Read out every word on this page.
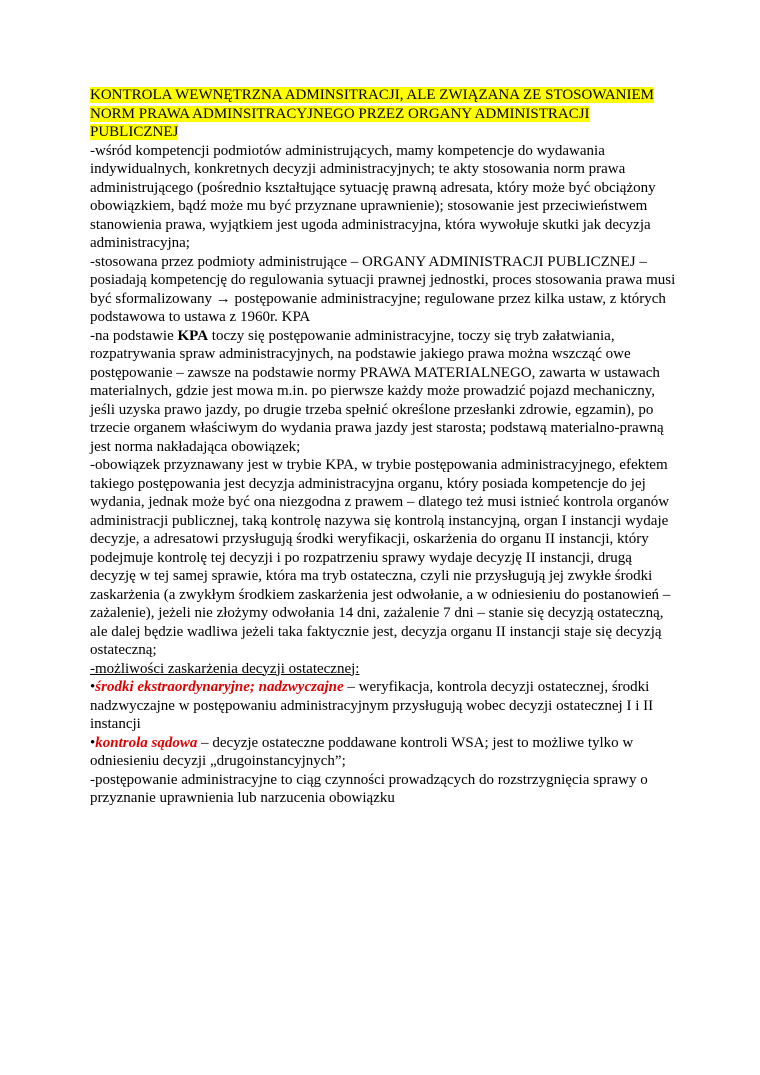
KONTROLA WEWNĘTRZNA ADMINSITRACJI, ALE ZWIĄZANA ZE STOSOWANIEM NORM PRAWA ADMINSITRACYJNEGO PRZEZ ORGANY ADMINISTRACJI PUBLICZNEJ

-wśród kompetencji podmiotów administrujących, mamy kompetencje do wydawania indywidualnych, konkretnych decyzji administracyjnych; te akty stosowania norm prawa administrującego (pośrednio kształtujące sytuację prawną adresata, który może być obciążony obowiązkiem, bądź może mu być przyznane uprawnienie); stosowanie jest przeciwieństwem stanowienia prawa, wyjątkiem jest ugoda administracyjna, która wywołuje skutki jak decyzja administracyjna;

-stosowana przez podmioty administrujące – ORGANY ADMINISTRACJI PUBLICZNEJ – posiadają kompetencję do regulowania sytuacji prawnej jednostki, proces stosowania prawa musi być sformalizowany → postępowanie administracyjne; regulowane przez kilka ustaw, z których podstawowa to ustawa z 1960r. KPA

-na podstawie KPA toczy się postępowanie administracyjne, toczy się tryb załatwiania, rozpatrywania spraw administracyjnych, na podstawie jakiego prawa można wszcząć owe postępowanie – zawsze na podstawie normy PRAWA MATERIALNEGO, zawarta w ustawach materialnych, gdzie jest mowa m.in. po pierwsze każdy może prowadzić pojazd mechaniczny, jeśli uzyska prawo jazdy, po drugie trzeba spełnić określone przesłanki zdrowie, egzamin), po trzecie organem właściwym do wydania prawa jazdy jest starosta; podstawą materialno-prawną jest norma nakładająca obowiązek;

-obowiązek przyznawany jest w trybie KPA, w trybie postępowania administracyjnego, efektem takiego postępowania jest decyzja administracyjna organu, który posiada kompetencje do jej wydania, jednak może być ona niezgodna z prawem – dlatego też musi istnieć kontrola organów administracji publicznej, taką kontrolę nazywa się kontrolą instancyjną, organ I instancji wydaje decyzje, a adresatowi przysługują środki weryfikacji, oskarżenia do organu II instancji, który podejmuje kontrolę tej decyzji i po rozpatrzeniu sprawy wydaje decyzję II instancji, drugą decyzję w tej samej sprawie, która ma tryb ostateczna, czyli nie przysługują jej zwykłe środki zaskarżenia (a zwykłym środkiem zaskarżenia jest odwołanie, a w odniesieniu do postanowień – zażalenie), jeżeli nie złożymy odwołania 14 dni, zażalenie 7 dni – stanie się decyzją ostateczną, ale dalej będzie wadliwa jeżeli taka faktycznie jest, decyzja organu II instancji staje się decyzją ostateczną;

-możliwości zaskarżenia decyzji ostatecznej:

•środki ekstraordynaryjne; nadzwyczajne – weryfikacja, kontrola decyzji ostatecznej, środki nadzwyczajne w postępowaniu administracyjnym przysługują wobec decyzji ostatecznej I i II instancji

•kontrola sądowa – decyzje ostateczne poddawane kontroli WSA; jest to możliwe tylko w odniesieniu decyzji „drugoinstancyjnych”;

-postępowanie administracyjne to ciąg czynności prowadzących do rozstrzygnięcia sprawy o przyznanie uprawnienia lub narzucenia obowiązku
